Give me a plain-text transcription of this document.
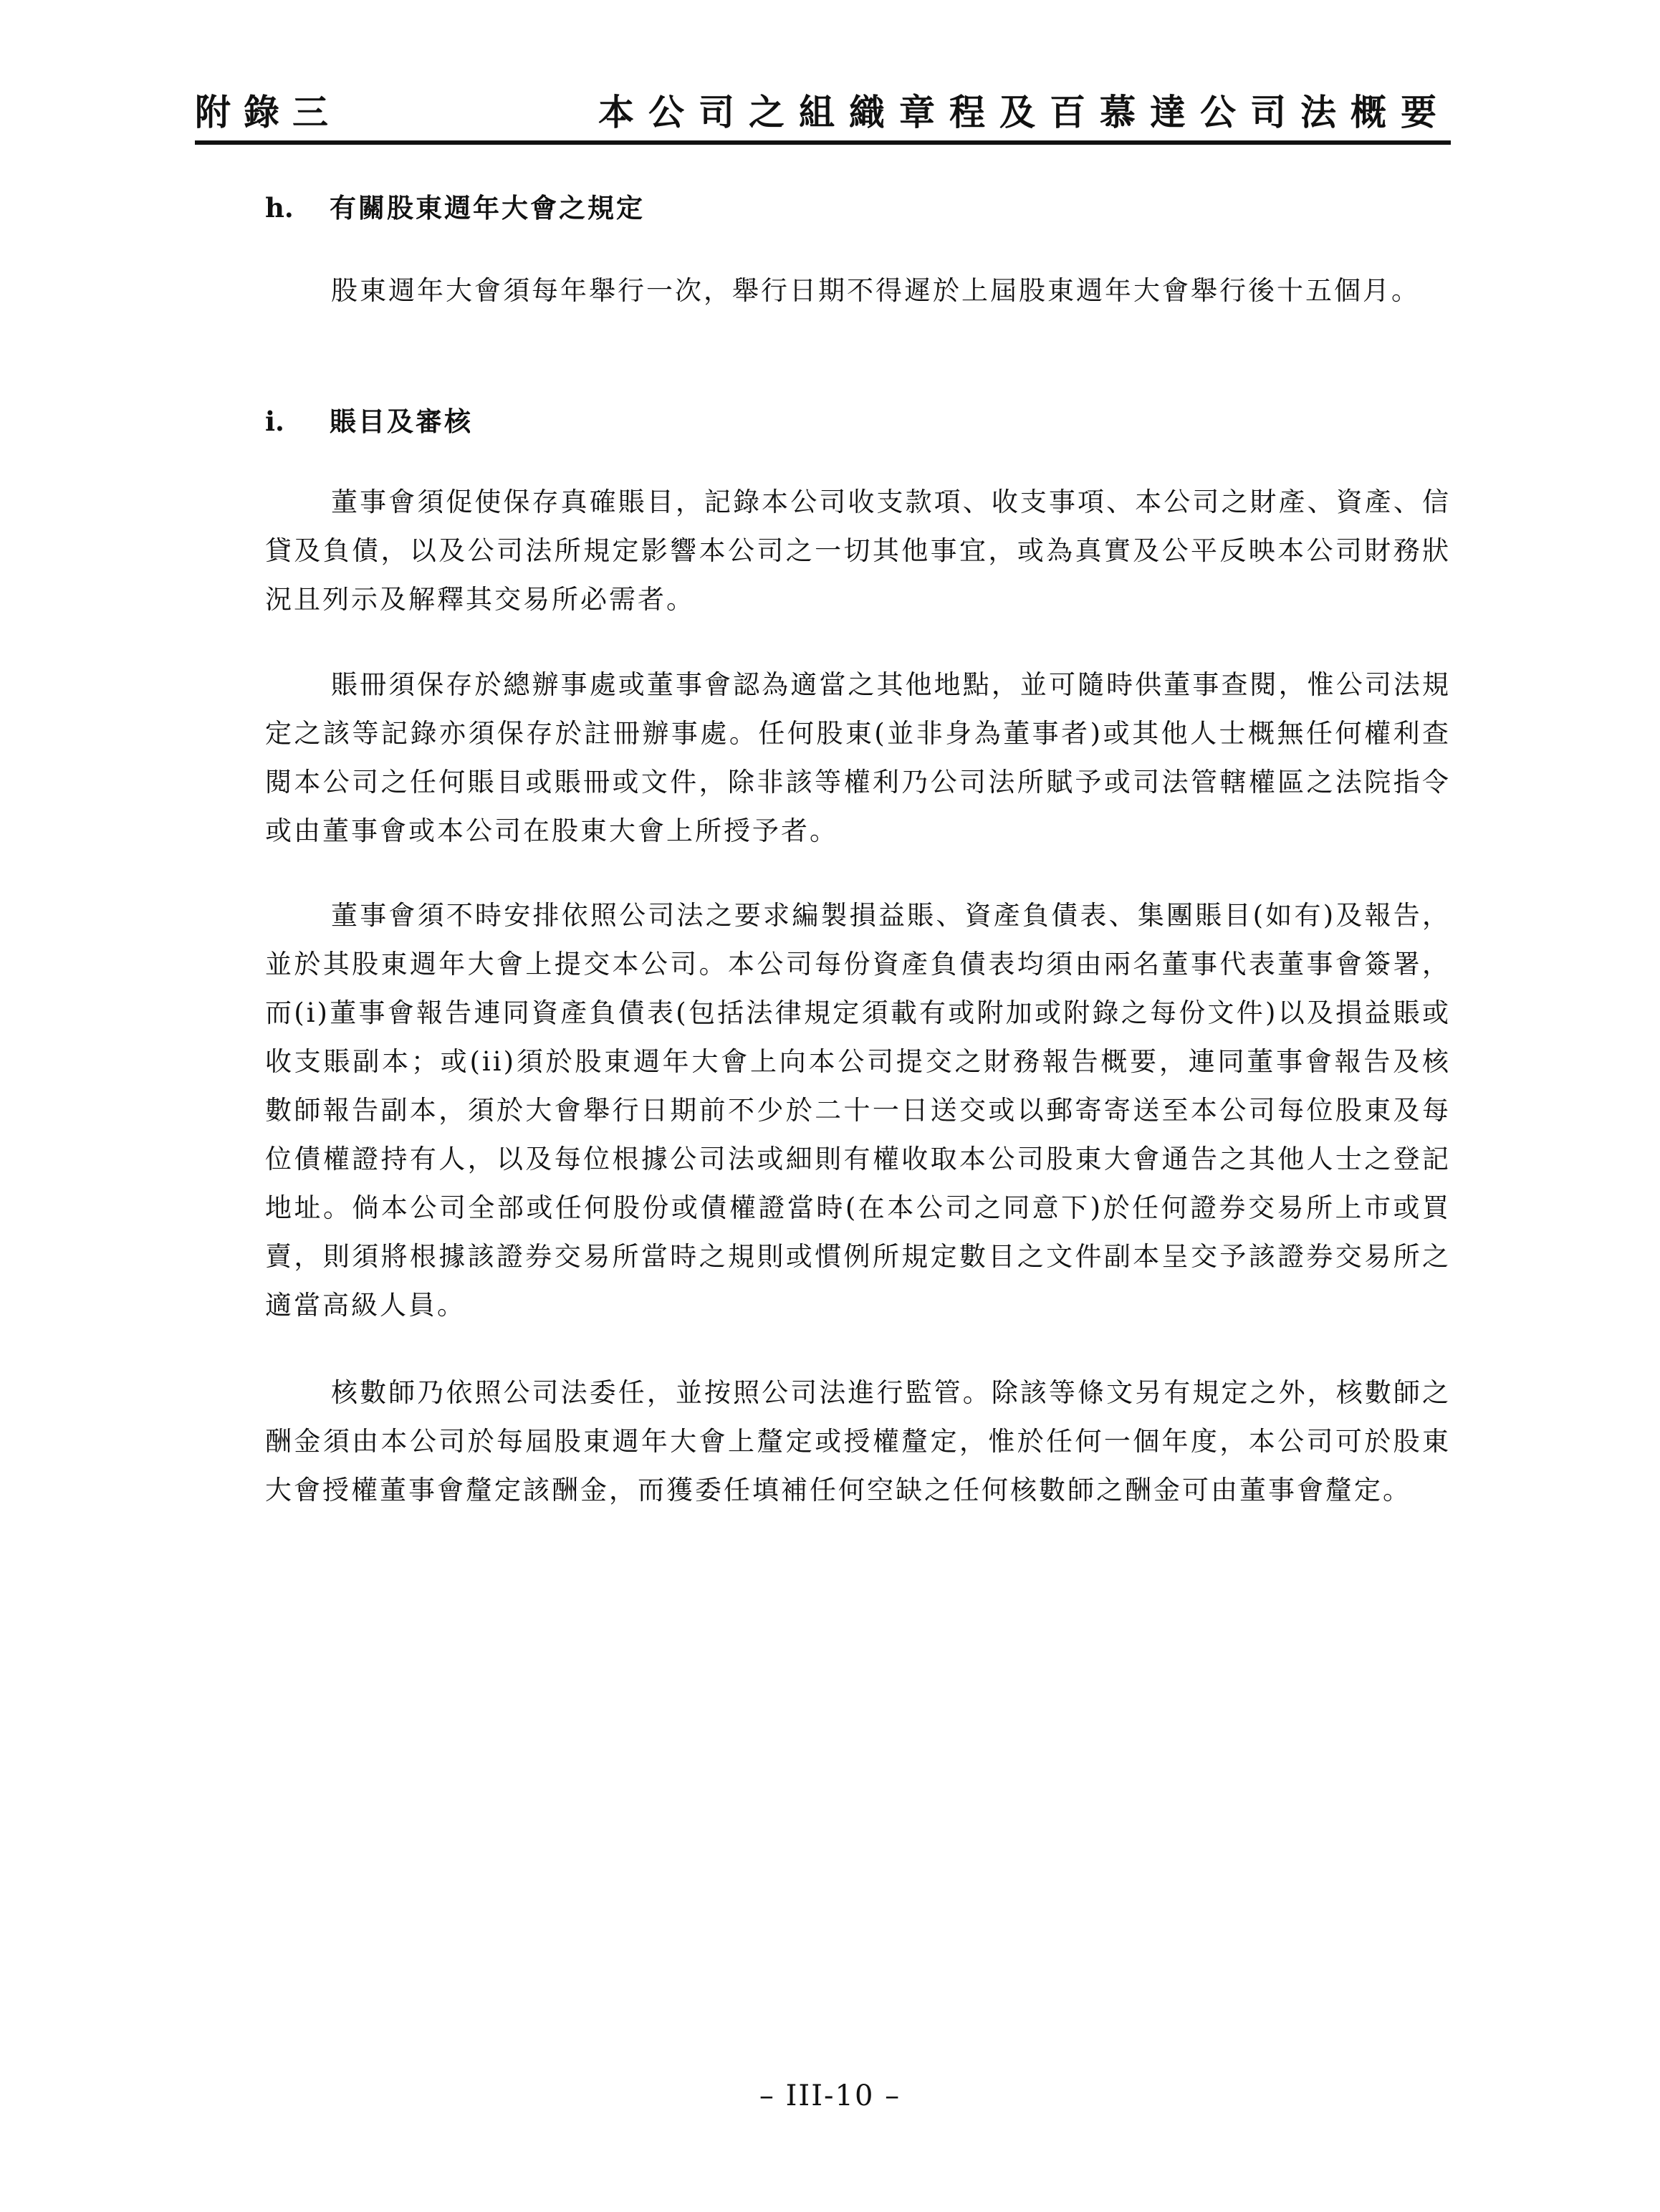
附錄三	本公司之組織章程及百慕達公司法概要
h. 有關股東週年大會之規定
股東週年大會須每年舉行一次，舉行日期不得遲於上屆股東週年大會舉行後十五個月。
i. 賬目及審核
董事會須促使保存真確賬目，記錄本公司收支款項、收支事項、本公司之財產、資產、信貸及負債，以及公司法所規定影響本公司之一切其他事宜，或為真實及公平反映本公司財務狀況且列示及解釋其交易所必需者。
賬冊須保存於總辦事處或董事會認為適當之其他地點，並可隨時供董事查閱，惟公司法規定之該等記錄亦須保存於註冊辦事處。任何股東(並非身為董事者)或其他人士概無任何權利查閱本公司之任何賬目或賬冊或文件，除非該等權利乃公司法所賦予或司法管轄權區之法院指令或由董事會或本公司在股東大會上所授予者。
董事會須不時安排依照公司法之要求編製損益賬、資產負債表、集團賬目(如有)及報告，並於其股東週年大會上提交本公司。本公司每份資產負債表均須由兩名董事代表董事會簽署，而(i)董事會報告連同資產負債表(包括法律規定須載有或附加或附錄之每份文件)以及損益賬或收支賬副本；或(ii)須於股東週年大會上向本公司提交之財務報告概要，連同董事會報告及核數師報告副本，須於大會舉行日期前不少於二十一日送交或以郵寄寄送至本公司每位股東及每位債權證持有人，以及每位根據公司法或細則有權收取本公司股東大會通告之其他人士之登記地址。倘本公司全部或任何股份或債權證當時(在本公司之同意下)於任何證券交易所上市或買賣，則須將根據該證券交易所當時之規則或慣例所規定數目之文件副本呈交予該證券交易所之適當高級人員。
核數師乃依照公司法委任，並按照公司法進行監管。除該等條文另有規定之外，核數師之酬金須由本公司於每屆股東週年大會上釐定或授權釐定，惟於任何一個年度，本公司可於股東大會授權董事會釐定該酬金，而獲委任填補任何空缺之任何核數師之酬金可由董事會釐定。
– III-10 –
